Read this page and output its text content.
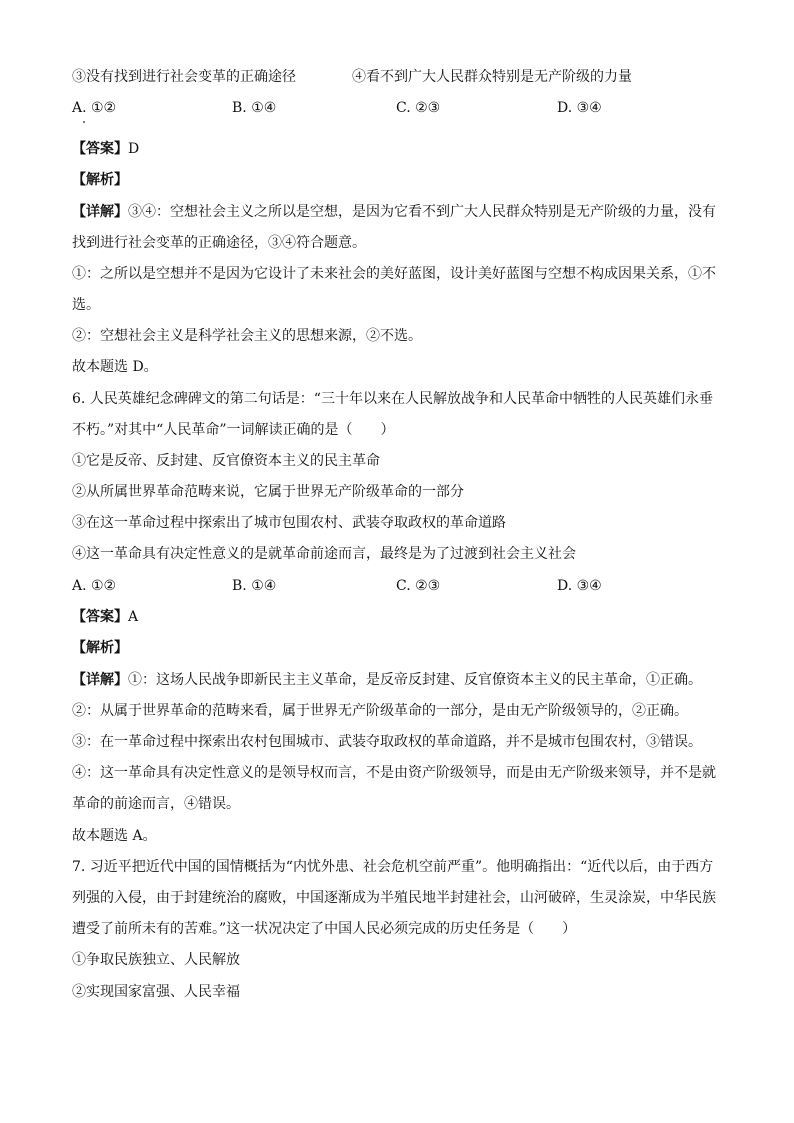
③没有找到进行社会变革的正确途径	④看不到广大人民群众特别是无产阶级的力量
A. ①②	B. ①④	C. ②③	D. ③④
【答案】D
【解析】
【详解】③④：空想社会主义之所以是空想，是因为它看不到广大人民群众特别是无产阶级的力量，没有
找到进行社会变革的正确途径，③④符合题意。
①：之所以是空想并不是因为它设计了未来社会的美好蓝图，设计美好蓝图与空想不构成因果关系，①不
选。
②：空想社会主义是科学社会主义的思想来源，②不选。
故本题选 D。
6. 人民英雄纪念碑碑文的第二句话是：“三十年以来在人民解放战争和人民革命中牺牲的人民英雄们永垂
不朽。”对其中“人民革命”一词解读正确的是（　　）
①它是反帝、反封建、反官僚资本主义的民主革命
②从所属世界革命范畴来说，它属于世界无产阶级革命的一部分
③在这一革命过程中探索出了城市包围农村、武装夺取政权的革命道路
④这一革命具有决定性意义的是就革命前途而言，最终是为了过渡到社会主义社会
A. ①②	B. ①④	C. ②③	D. ③④
【答案】A
【解析】
【详解】①：这场人民战争即新民主主义革命，是反帝反封建、反官僚资本主义的民主革命，①正确。
②：从属于世界革命的范畴来看，属于世界无产阶级革命的一部分，是由无产阶级领导的，②正确。
③：在一革命过程中探索出农村包围城市、武装夺取政权的革命道路，并不是城市包围农村，③错误。
④：这一革命具有决定性意义的是领导权而言，不是由资产阶级领导，而是由无产阶级来领导，并不是就
革命的前途而言，④错误。
故本题选 A。
7. 习近平把近代中国的国情概括为“内忧外患、社会危机空前严重”。他明确指出：“近代以后，由于西方
列强的入侵，由于封建统治的腐败，中国逐渐成为半殖民地半封建社会，山河破碎，生灵涂炭，中华民族
遭受了前所未有的苦难。”这一状况决定了中国人民必须完成的历史任务是（　　）
①争取民族独立、人民解放
②实现国家富强、人民幸福
